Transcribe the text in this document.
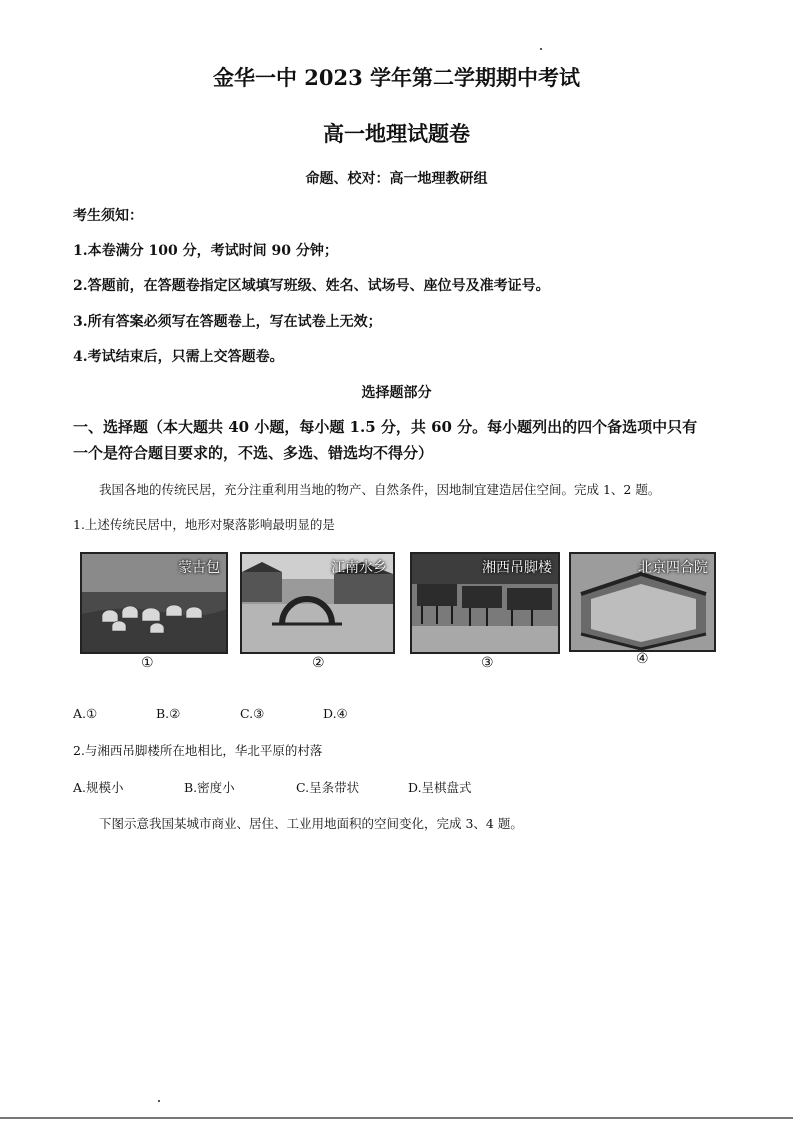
金华一中 2023 学年第二学期期中考试
高一地理试题卷
命题、校对：高一地理教研组
考生须知：
1.本卷满分 100 分，考试时间 90 分钟；
2.答题前，在答题卷指定区域填写班级、姓名、试场号、座位号及准考证号。
3.所有答案必须写在答题卷上，写在试卷上无效；
4.考试结束后，只需上交答题卷。
选择题部分
一、选择题（本大题共 40 小题，每小题 1.5 分，共 60 分。每小题列出的四个备选项中只有
一个是符合题目要求的，不选、多选、错选均不得分）
我国各地的传统民居，充分注重利用当地的物产、自然条件，因地制宜建造居住空间。完成 1、2 题。
1.上述传统民居中，地形对聚落影响最明显的是
蒙古包	江南水乡	湘西吊脚楼	北京四合院
①	②	③	④
A.①	B.②	C.③	D.④
2.与湘西吊脚楼所在地相比，华北平原的村落
A.规模小	B.密度小	C.呈条带状	D.呈棋盘式
下图示意我国某城市商业、居住、工业用地面积的空间变化，完成 3、4 题。
